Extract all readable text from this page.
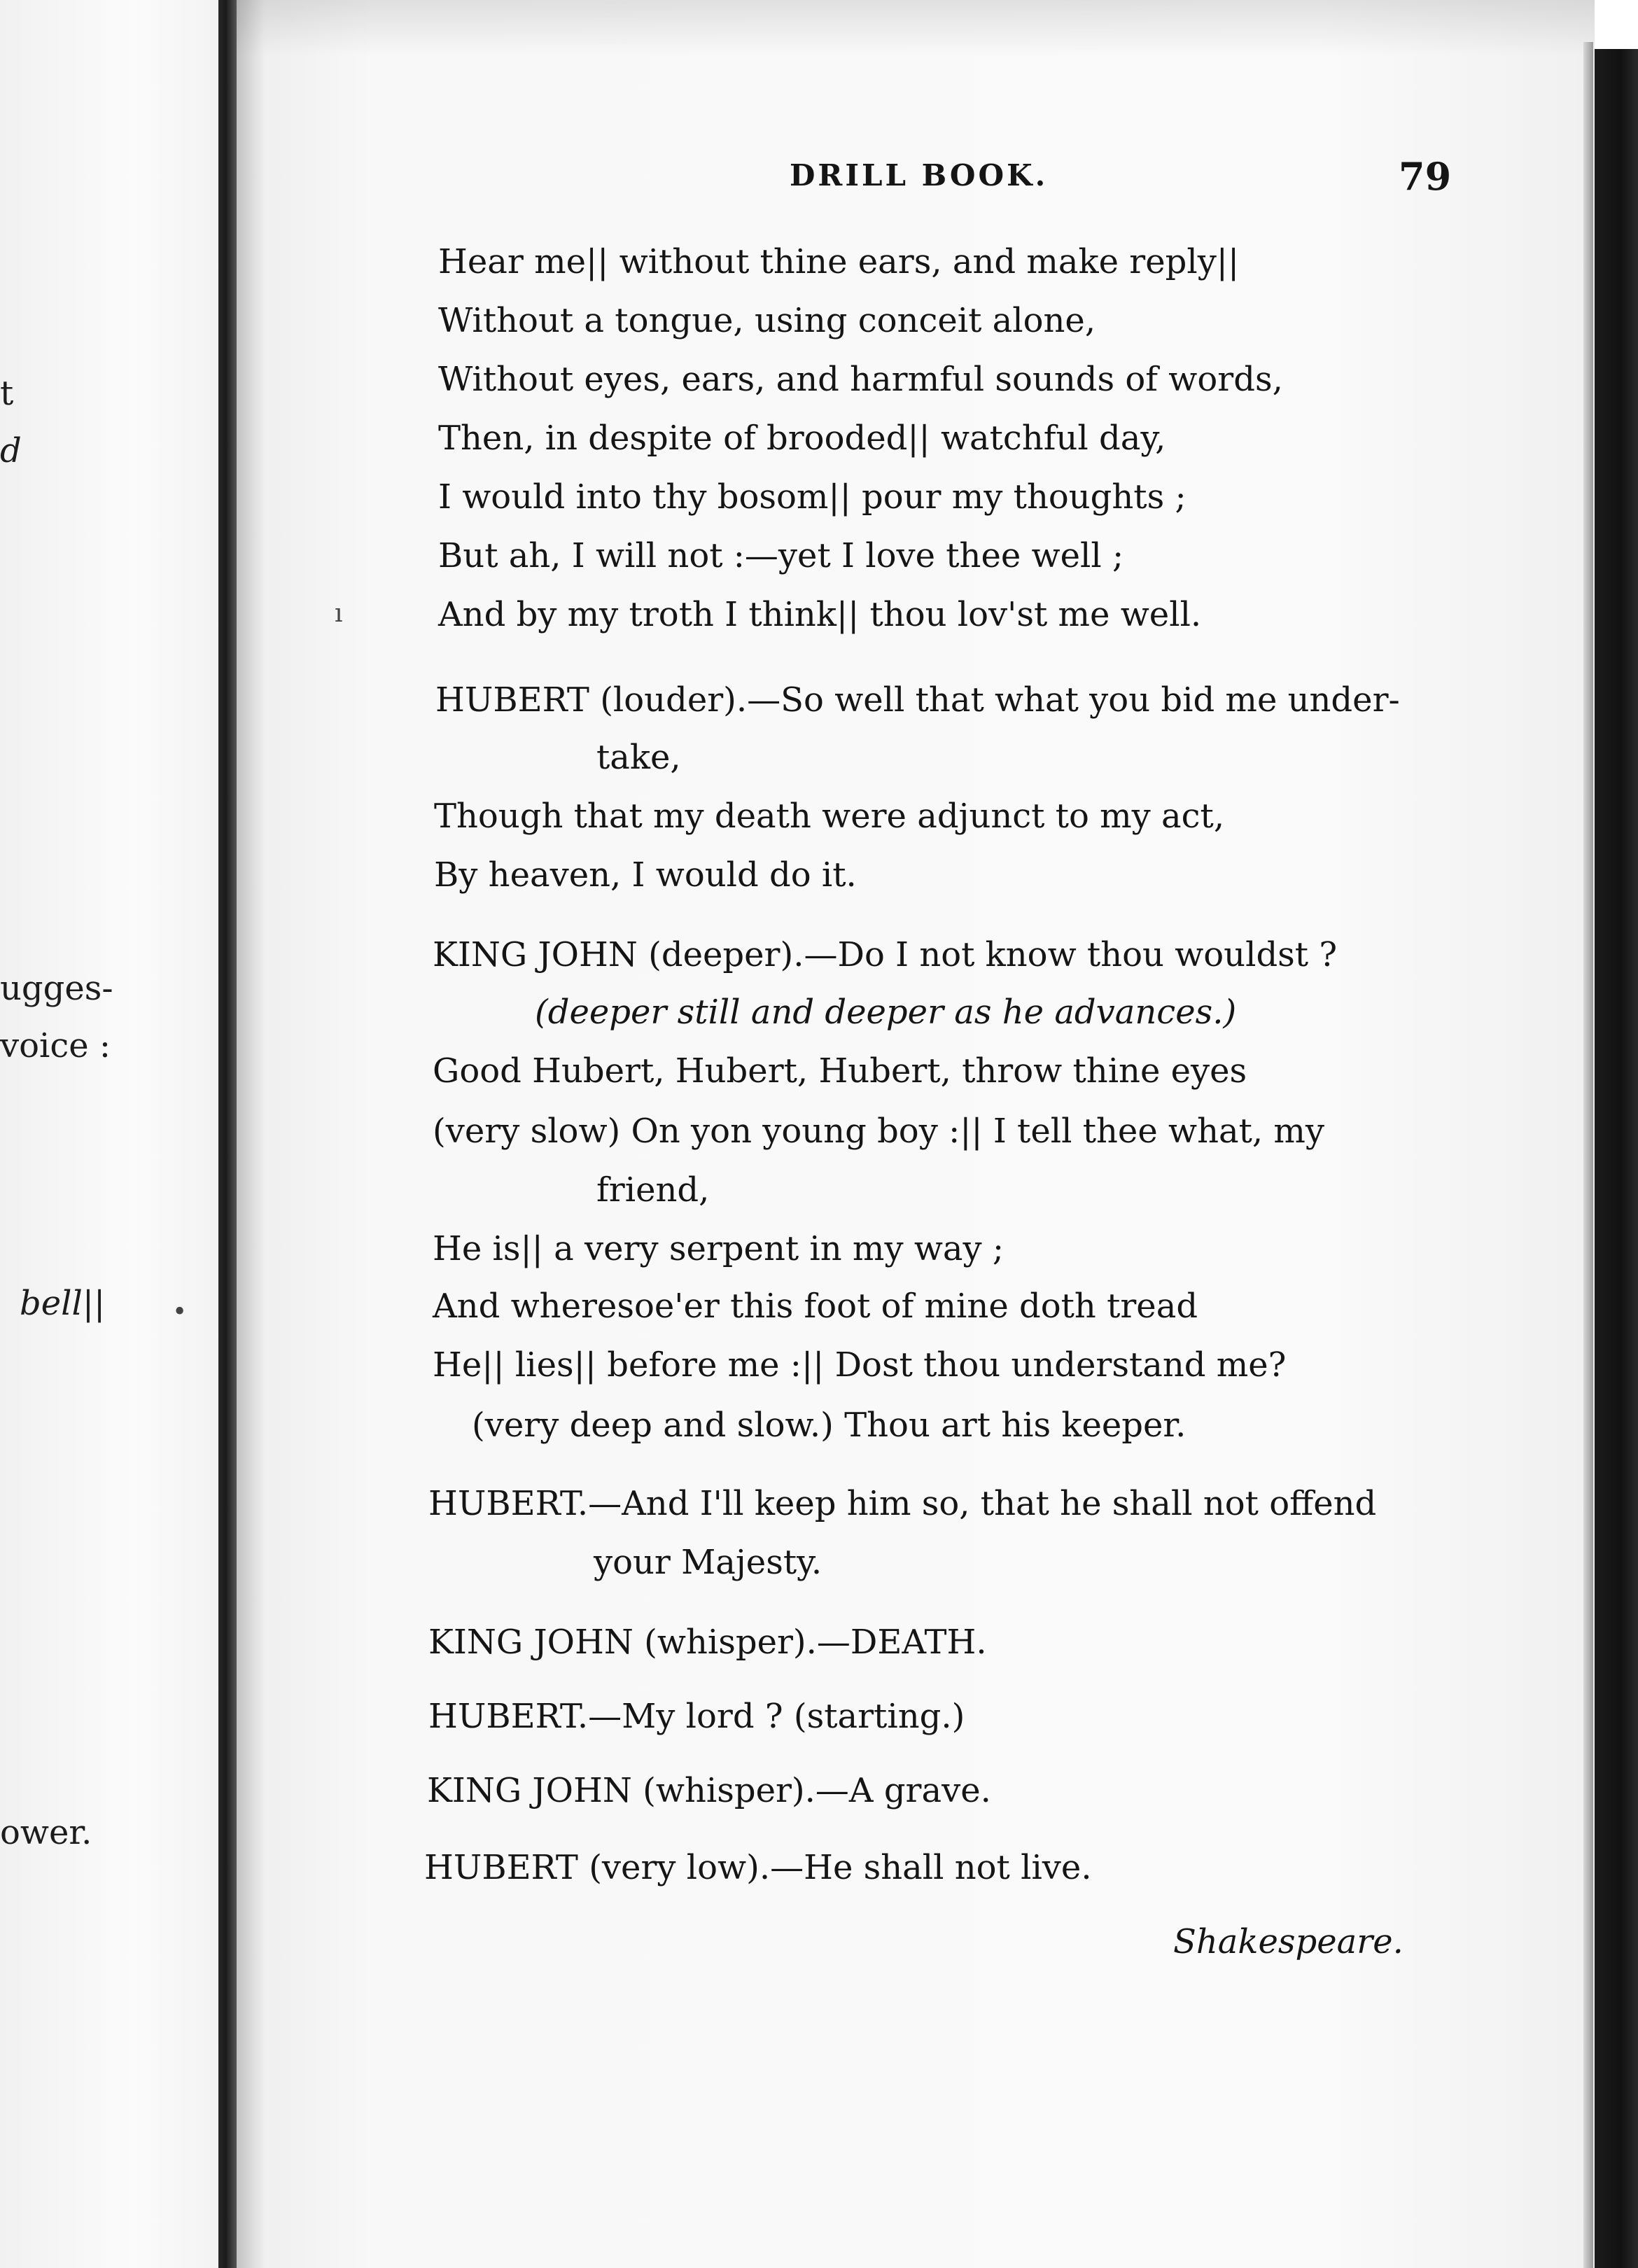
t
d
ugges-
voice :
bell||
ower.
ı
•
DRILL BOOK.	79
Hear me|| without thine ears, and make reply||
Without a tongue, using conceit alone,
Without eyes, ears, and harmful sounds of words,
Then, in despite of brooded|| watchful day,
I would into thy bosom|| pour my thoughts ;
But ah, I will not :—yet I love thee well ;
And by my troth I think|| thou lov'st me well.
HUBERT (louder).—So well that what you bid me under-
take,
Though that my death were adjunct to my act,
By heaven, I would do it.
KING JOHN (deeper).—Do I not know thou wouldst ?
(deeper still and deeper as he advances.)
Good Hubert, Hubert, Hubert, throw thine eyes
(very slow) On yon young boy :|| I tell thee what, my
friend,
He is|| a very serpent in my way ;
And wheresoe'er this foot of mine doth tread
He|| lies|| before me :|| Dost thou understand me?
(very deep and slow.) Thou art his keeper.
HUBERT.—And I'll keep him so, that he shall not offend
your Majesty.
KING JOHN (whisper).—DEATH.
HUBERT.—My lord ? (starting.)
KING JOHN (whisper).—A grave.
HUBERT (very low).—He shall not live.
Shakespeare.
